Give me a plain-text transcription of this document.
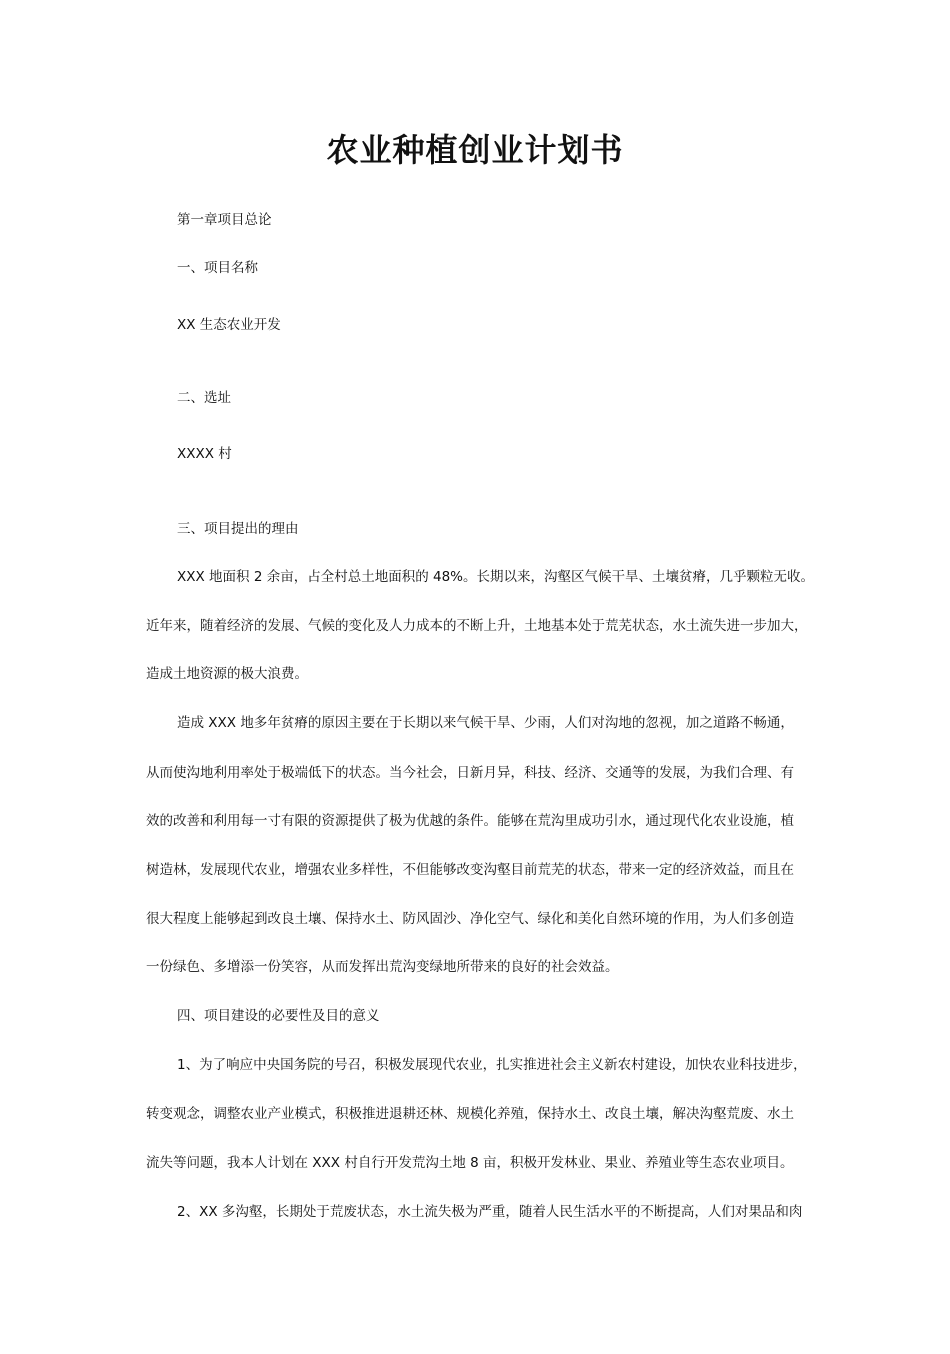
农业种植创业计划书
第一章项目总论
一、项目名称
XX 生态农业开发
二、选址
XXXX 村
三、项目提出的理由
XXX 地面积 2 余亩，占全村总土地面积的 48%。长期以来，沟壑区气候干旱、土壤贫瘠，几乎颗粒无收。
近年来，随着经济的发展、气候的变化及人力成本的不断上升，土地基本处于荒芜状态，水土流失进一步加大，
造成土地资源的极大浪费。
造成 XXX 地多年贫瘠的原因主要在于长期以来气候干旱、少雨，人们对沟地的忽视，加之道路不畅通，
从而使沟地利用率处于极端低下的状态。当今社会，日新月异，科技、经济、交通等的发展，为我们合理、有
效的改善和利用每一寸有限的资源提供了极为优越的条件。能够在荒沟里成功引水，通过现代化农业设施，植
树造林，发展现代农业，增强农业多样性，不但能够改变沟壑目前荒芜的状态，带来一定的经济效益，而且在
很大程度上能够起到改良土壤、保持水土、防风固沙、净化空气、绿化和美化自然环境的作用，为人们多创造
一份绿色、多增添一份笑容，从而发挥出荒沟变绿地所带来的良好的社会效益。
四、项目建设的必要性及目的意义
1、为了响应中央国务院的号召，积极发展现代农业，扎实推进社会主义新农村建设，加快农业科技进步，
转变观念，调整农业产业模式，积极推进退耕还林、规模化养殖，保持水土、改良土壤，解决沟壑荒废、水土
流失等问题，我本人计划在 XXX 村自行开发荒沟土地 8 亩，积极开发林业、果业、养殖业等生态农业项目。
2、XX 多沟壑，长期处于荒废状态，水土流失极为严重，随着人民生活水平的不断提高，人们对果品和肉
